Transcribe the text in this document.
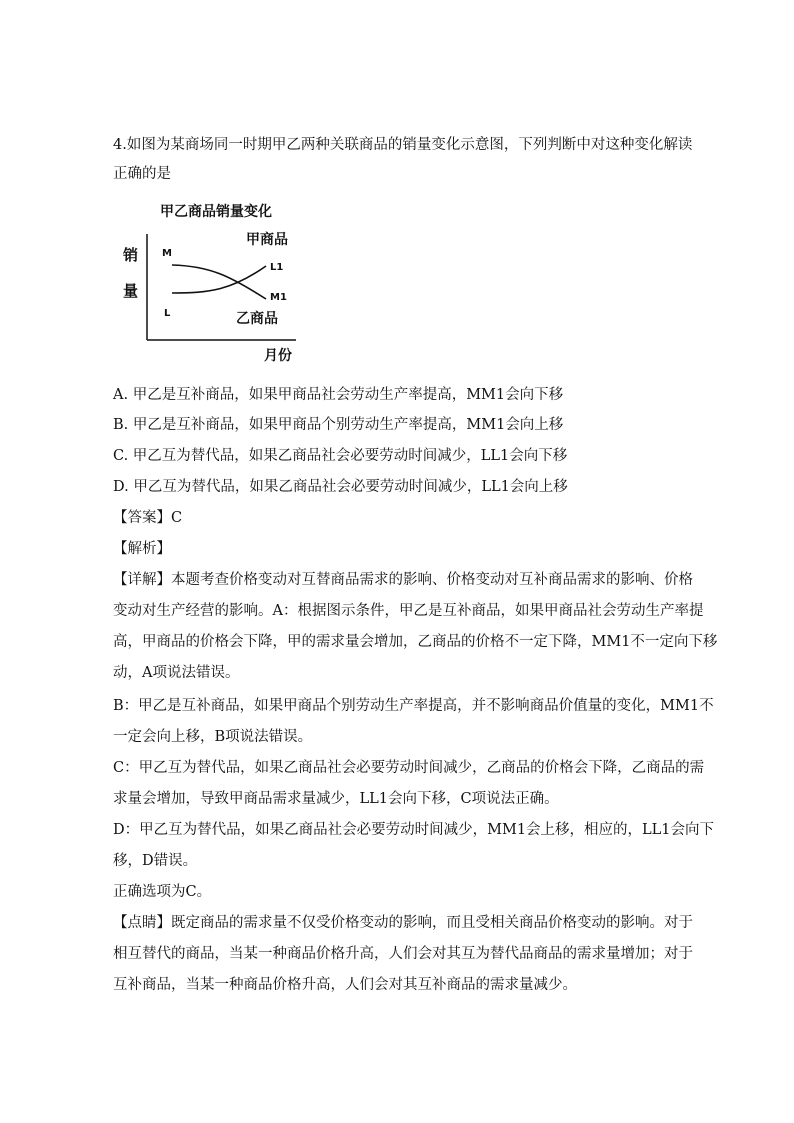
4.如图为某商场同一时期甲乙两种关联商品的销量变化示意图，下列判断中对这种变化解读
正确的是
甲乙商品销量变化
甲商品
销
量
M
L
L1
M1
乙商品
月份
A. 甲乙是互补商品，如果甲商品社会劳动生产率提高，MM1会向下移
B. 甲乙是互补商品，如果甲商品个别劳动生产率提高，MM1会向上移
C. 甲乙互为替代品，如果乙商品社会必要劳动时间减少，LL1会向下移
D. 甲乙互为替代品，如果乙商品社会必要劳动时间减少，LL1会向上移
【答案】C
【解析】
【详解】本题考查价格变动对互替商品需求的影响、价格变动对互补商品需求的影响、价格
变动对生产经营的影响。A：根据图示条件，甲乙是互补商品，如果甲商品社会劳动生产率提
高，甲商品的价格会下降，甲的需求量会增加，乙商品的价格不一定下降，MM1不一定向下移
动，A项说法错误。
B：甲乙是互补商品，如果甲商品个别劳动生产率提高，并不影响商品价值量的变化，MM1不
一定会向上移，B项说法错误。
C：甲乙互为替代品，如果乙商品社会必要劳动时间减少，乙商品的价格会下降，乙商品的需
求量会增加，导致甲商品需求量减少，LL1会向下移，C项说法正确。
D：甲乙互为替代品，如果乙商品社会必要劳动时间减少，MM1会上移，相应的，LL1会向下
移，D错误。
正确选项为C。
【点睛】既定商品的需求量不仅受价格变动的影响，而且受相关商品价格变动的影响。对于
相互替代的商品，当某一种商品价格升高，人们会对其互为替代品商品的需求量增加；对于
互补商品，当某一种商品价格升高，人们会对其互补商品的需求量减少。
